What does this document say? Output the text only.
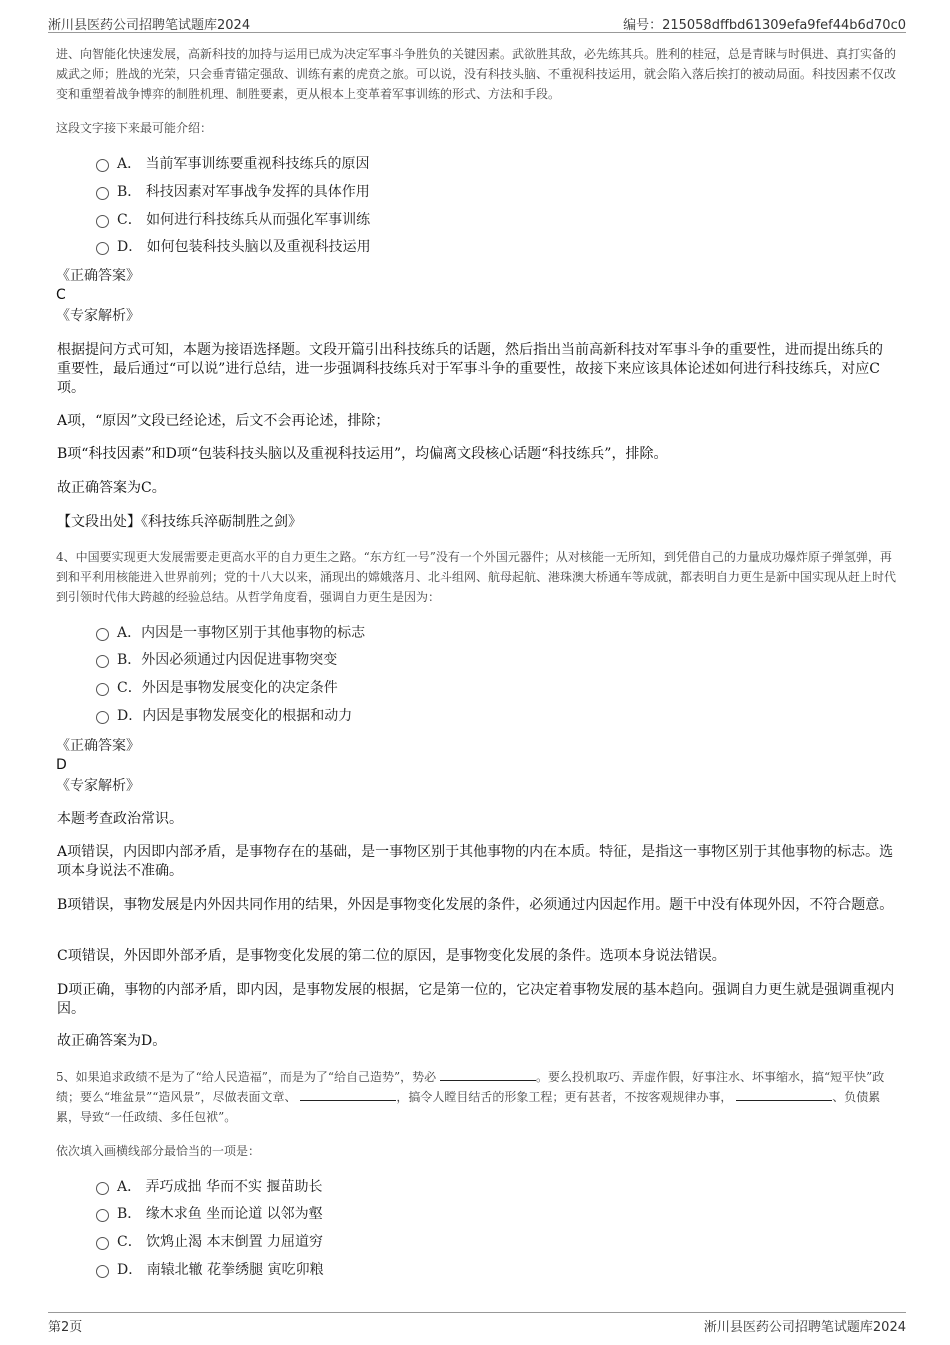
淅川县医药公司招聘笔试题库2024	编号：215058dffbd61309efa9fef44b6d70c0
进、向智能化快速发展，高新科技的加持与运用已成为决定军事斗争胜负的关键因素。武欲胜其敌，必先练其兵。胜利的桂冠，总是青睐与时俱进、真打实备的威武之师；胜战的光荣，只会垂青锚定强敌、训练有素的虎贲之旅。可以说，没有科技头脑、不重视科技运用，就会陷入落后挨打的被动局面。科技因素不仅改变和重塑着战争博弈的制胜机理、制胜要素，更从根本上变革着军事训练的形式、方法和手段。
这段文字接下来最可能介绍：
A． 当前军事训练要重视科技练兵的原因
B． 科技因素对军事战争发挥的具体作用
C． 如何进行科技练兵从而强化军事训练
D． 如何包装科技头脑以及重视科技运用
《正确答案》
C
《专家解析》
根据提问方式可知，本题为接语选择题。文段开篇引出科技练兵的话题，然后指出当前高新科技对军事斗争的重要性，进而提出练兵的重要性，最后通过“可以说”进行总结，进一步强调科技练兵对于军事斗争的重要性，故接下来应该具体论述如何进行科技练兵，对应C项。
A项，“原因”文段已经论述，后文不会再论述，排除；
B项“科技因素”和D项“包装科技头脑以及重视科技运用”，均偏离文段核心话题“科技练兵”，排除。
故正确答案为C。
【文段出处】《科技练兵淬砺制胜之剑》
4、中国要实现更大发展需要走更高水平的自力更生之路。“东方红一号”没有一个外国元器件；从对核能一无所知，到凭借自己的力量成功爆炸原子弹氢弹，再到和平利用核能进入世界前列；党的十八大以来，涌现出的嫦娥落月、北斗组网、航母起航、港珠澳大桥通车等成就，都表明自力更生是新中国实现从赶上时代到引领时代伟大跨越的经验总结。从哲学角度看，强调自力更生是因为：
A．内因是一事物区别于其他事物的标志
B．外因必须通过内因促进事物突变
C．外因是事物发展变化的决定条件
D．内因是事物发展变化的根据和动力
《正确答案》
D
《专家解析》
本题考查政治常识。
A项错误，内因即内部矛盾，是事物存在的基础，是一事物区别于其他事物的内在本质。特征，是指这一事物区别于其他事物的标志。选项本身说法不准确。
B项错误，事物发展是内外因共同作用的结果，外因是事物变化发展的条件，必须通过内因起作用。题干中没有体现外因，不符合题意。
C项错误，外因即外部矛盾，是事物变化发展的第二位的原因，是事物变化发展的条件。选项本身说法错误。
D项正确，事物的内部矛盾，即内因，是事物发展的根据，它是第一位的，它决定着事物发展的基本趋向。强调自力更生就是强调重视内因。
故正确答案为D。
5、如果追求政绩不是为了“给人民造福”，而是为了“给自己造势”，势必	。要么投机取巧、弄虚作假，好事注水、坏事缩水，搞“短平快”政绩；要么“堆盆景”“造风景”，尽做表面文章、	，搞令人瞠目结舌的形象工程；更有甚者，不按客观规律办事，	、负债累累，导致“一任政绩、多任包袱”。
依次填入画横线部分最恰当的一项是：
A． 弄巧成拙 华而不实 揠苗助长
B． 缘木求鱼 坐而论道 以邻为壑
C． 饮鸩止渴 本末倒置 力屈道穷
D． 南辕北辙 花拳绣腿 寅吃卯粮
第2页	淅川县医药公司招聘笔试题库2024
